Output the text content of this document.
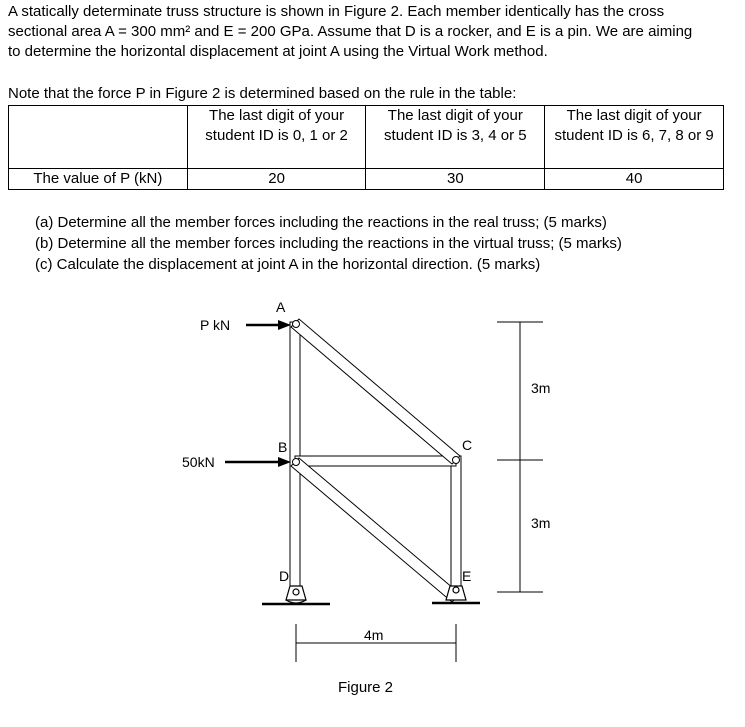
A statically determinate truss structure is shown in Figure 2. Each member identically has the cross

sectional area A = 300 mm² and E = 200 GPa. Assume that D is a rocker, and E is a pin. We are aiming

to determine the horizontal displacement at joint A using the Virtual Work method.

Note that the force P in Figure 2 is determined based on the rule in the table:

	The last digit of your student ID is 0, 1 or 2	The last digit of your student ID is 3, 4 or 5	The last digit of your student ID is 6, 7, 8 or 9
The value of P (kN)	20	30	40

(a) Determine all the member forces including the reactions in the real truss; (5 marks)

(b) Determine all the member forces including the reactions in the virtual truss; (5 marks)

(c) Calculate the displacement at joint A in the horizontal direction. (5 marks)

A
B	C
D	E
P kN
50kN
3m
3m
4m
Figure 2
